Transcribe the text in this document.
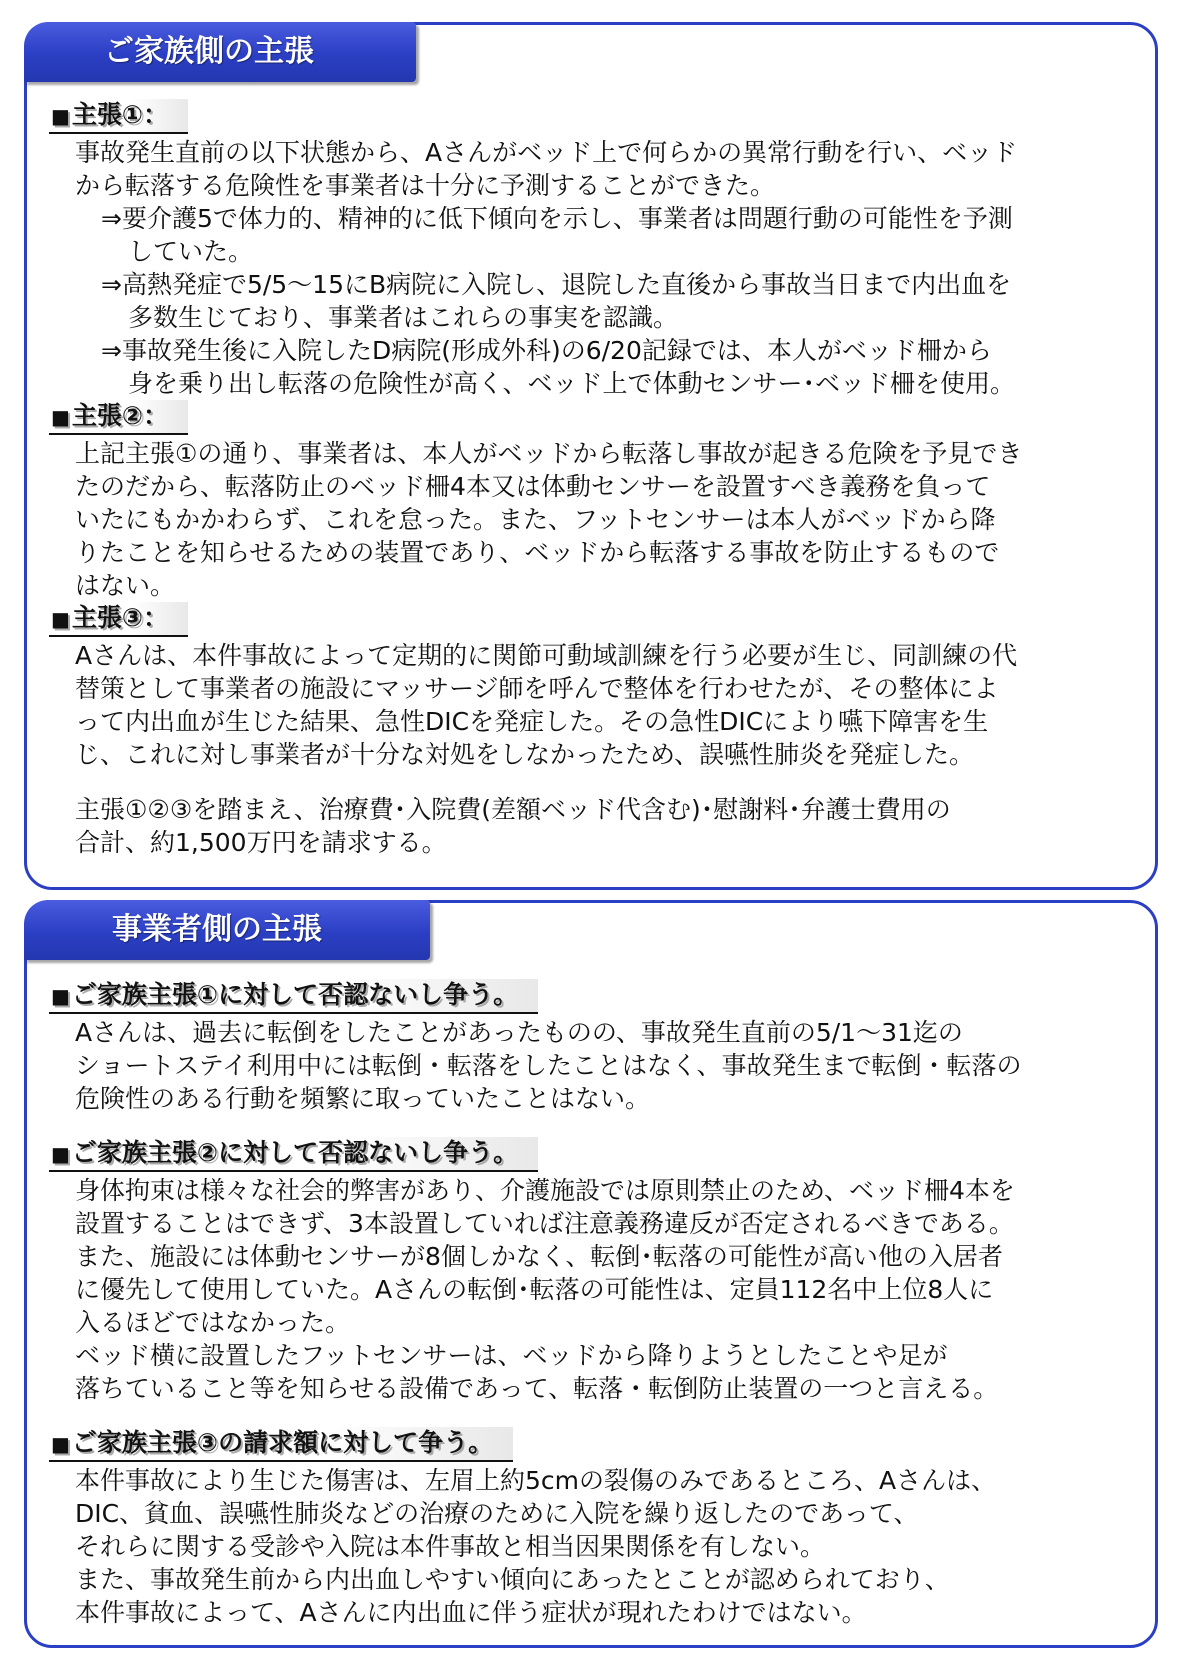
ご家族側の主張
■主張①：
事故発生直前の以下状態から、Aさんがベッド上で何らかの異常行動を行い、ベッド
から転落する危険性を事業者は十分に予測することができた。
⇒要介護5で体力的、精神的に低下傾向を示し、事業者は問題行動の可能性を予測
していた。
⇒高熱発症で5/5～15にB病院に入院し、退院した直後から事故当日まで内出血を
多数生じており、事業者はこれらの事実を認識。
⇒事故発生後に入院したD病院(形成外科)の6/20記録では、本人がベッド柵から
身を乗り出し転落の危険性が高く、ベッド上で体動センサー･ベッド柵を使用。
■主張②：
上記主張①の通り、事業者は、本人がベッドから転落し事故が起きる危険を予見でき
たのだから、転落防止のベッド柵4本又は体動センサーを設置すべき義務を負って
いたにもかかわらず、これを怠った。また、フットセンサーは本人がベッドから降
りたことを知らせるための装置であり、ベッドから転落する事故を防止するもので
はない。
■主張③：
Aさんは、本件事故によって定期的に関節可動域訓練を行う必要が生じ、同訓練の代
替策として事業者の施設にマッサージ師を呼んで整体を行わせたが、その整体によ
って内出血が生じた結果、急性DICを発症した。その急性DICにより嚥下障害を生
じ、これに対し事業者が十分な対処をしなかったため、誤嚥性肺炎を発症した。
主張①②③を踏まえ、治療費･入院費(差額ベッド代含む)･慰謝料･弁護士費用の
合計、約1,500万円を請求する。
事業者側の主張
■ご家族主張①に対して否認ないし争う。
Aさんは、過去に転倒をしたことがあったものの、事故発生直前の5/1～31迄の
ショートステイ利用中には転倒・転落をしたことはなく、事故発生まで転倒・転落の
危険性のある行動を頻繁に取っていたことはない。
■ご家族主張②に対して否認ないし争う。
身体拘束は様々な社会的弊害があり、介護施設では原則禁止のため、ベッド柵4本を
設置することはできず、3本設置していれば注意義務違反が否定されるべきである。
また、施設には体動センサーが8個しかなく、転倒･転落の可能性が高い他の入居者
に優先して使用していた。Aさんの転倒･転落の可能性は、定員112名中上位8人に
入るほどではなかった。
ベッド横に設置したフットセンサーは、ベッドから降りようとしたことや足が
落ちていること等を知らせる設備であって、転落・転倒防止装置の一つと言える。
■ご家族主張③の請求額に対して争う。
本件事故により生じた傷害は、左眉上約5cmの裂傷のみであるところ、Aさんは、
DIC、貧血、誤嚥性肺炎などの治療のために入院を繰り返したのであって、
それらに関する受診や入院は本件事故と相当因果関係を有しない。
また、事故発生前から内出血しやすい傾向にあったとことが認められており、
本件事故によって、Aさんに内出血に伴う症状が現れたわけではない。
